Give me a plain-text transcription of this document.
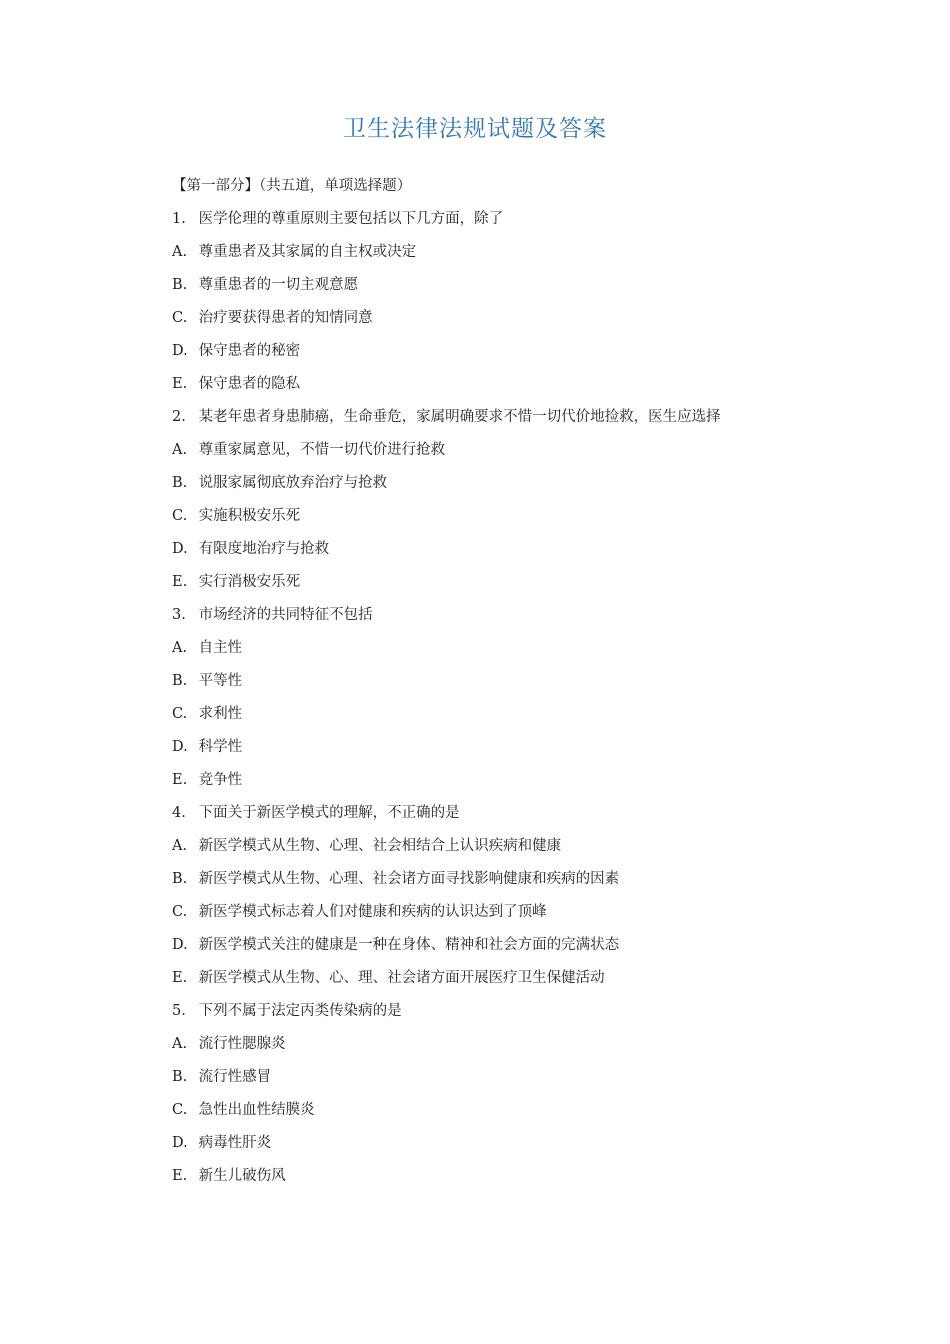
卫生法律法规试题及答案
【第一部分】（共五道，单项选择题）
1. 医学伦理的尊重原则主要包括以下几方面，除了
A. 尊重患者及其家属的自主权或决定
B. 尊重患者的一切主观意愿
C. 治疗要获得患者的知情同意
D. 保守患者的秘密
E. 保守患者的隐私
2. 某老年患者身患肺癌，生命垂危，家属明确要求不惜一切代价地捡救，医生应选择
A. 尊重家属意见，不惜一切代价进行抢救
B. 说服家属彻底放弃治疗与抢救
C. 实施积极安乐死
D. 有限度地治疗与抢救
E. 实行消极安乐死
3. 市场经济的共同特征不包括
A. 自主性
B. 平等性
C. 求利性
D. 科学性
E. 竞争性
4. 下面关于新医学模式的理解，不正确的是
A. 新医学模式从生物、心理、社会相结合上认识疾病和健康
B. 新医学模式从生物、心理、社会诸方面寻找影响健康和疾病的因素
C. 新医学模式标志着人们对健康和疾病的认识达到了顶峰
D. 新医学模式关注的健康是一种在身体、精神和社会方面的完满状态
E. 新医学模式从生物、心、理、社会诸方面开展医疗卫生保健活动
5. 下列不属于法定丙类传染病的是
A. 流行性腮腺炎
B. 流行性感冒
C. 急性出血性结膜炎
D. 病毒性肝炎
E. 新生儿破伤风
